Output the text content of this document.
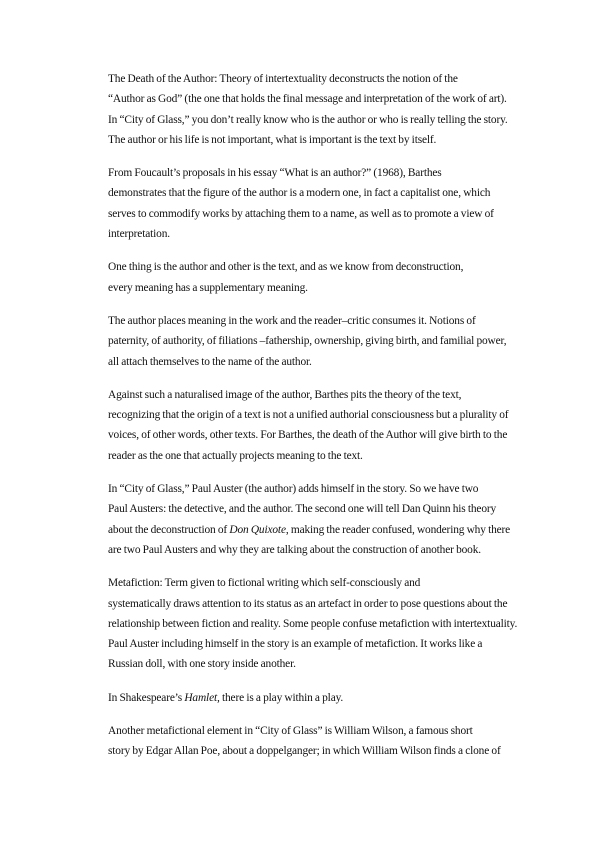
The Death of the Author: Theory of intertextuality deconstructs the notion of the
“Author as God” (the one that holds the final message and interpretation of the work of art).
In “City of Glass,” you don’t really know who is the author or who is really telling the story.
The author or his life is not important, what is important is the text by itself.

From Foucault’s proposals in his essay “What is an author?” (1968), Barthes
demonstrates that the figure of the author is a modern one, in fact a capitalist one, which
serves to commodify works by attaching them to a name, as well as to promote a view of
interpretation.

One thing is the author and other is the text, and as we know from deconstruction,
every meaning has a supplementary meaning.

The author places meaning in the work and the reader–critic consumes it. Notions of
paternity, of authority, of filiations –fathership, ownership, giving birth, and familial power,
all attach themselves to the name of the author.

Against such a naturalised image of the author, Barthes pits the theory of the text,
recognizing that the origin of a text is not a unified authorial consciousness but a plurality of
voices, of other words, other texts. For Barthes, the death of the Author will give birth to the
reader as the one that actually projects meaning to the text.

In “City of Glass,” Paul Auster (the author) adds himself in the story. So we have two
Paul Austers: the detective, and the author. The second one will tell Dan Quinn his theory
about the deconstruction of Don Quixote, making the reader confused, wondering why there
are two Paul Austers and why they are talking about the construction of another book.

Metafiction: Term given to fictional writing which self-consciously and
systematically draws attention to its status as an artefact in order to pose questions about the
relationship between fiction and reality. Some people confuse metafiction with intertextuality.
Paul Auster including himself in the story is an example of metafiction. It works like a
Russian doll, with one story inside another.

In Shakespeare’s Hamlet, there is a play within a play.

Another metafictional element in “City of Glass” is William Wilson, a famous short
story by Edgar Allan Poe, about a doppelganger; in which William Wilson finds a clone of
